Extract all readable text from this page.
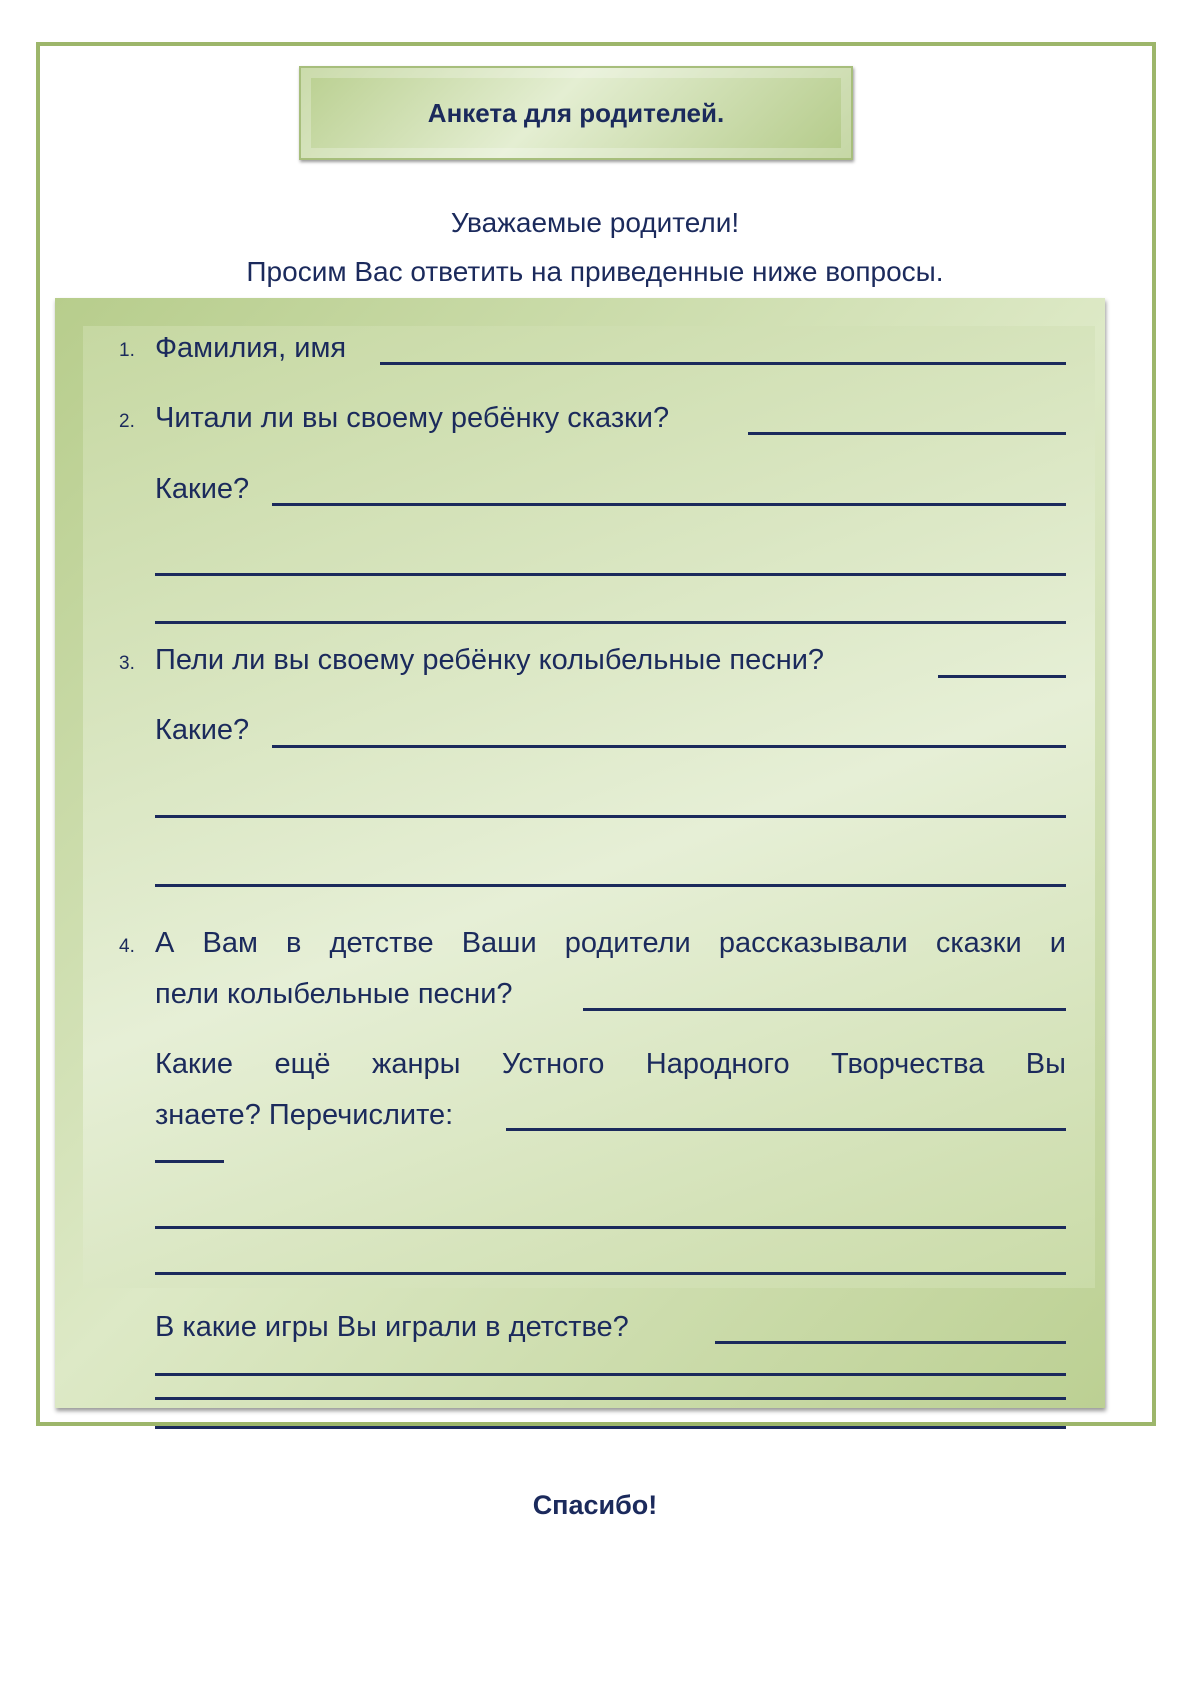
Анкета для родителей.
Уважаемые родители!
Просим Вас ответить на приведенные ниже вопросы.
1. Фамилия, имя
2. Читали ли вы своему ребёнку сказки?
Какие?
3. Пели ли вы своему ребёнку колыбельные песни?
Какие?
4. А Вам в детстве Ваши родители рассказывали сказки и
пели колыбельные песни?
Какие ещё жанры Устного Народного Творчества Вы
знаете? Перечислите:
В какие игры Вы играли в детстве?
Спасибо!
